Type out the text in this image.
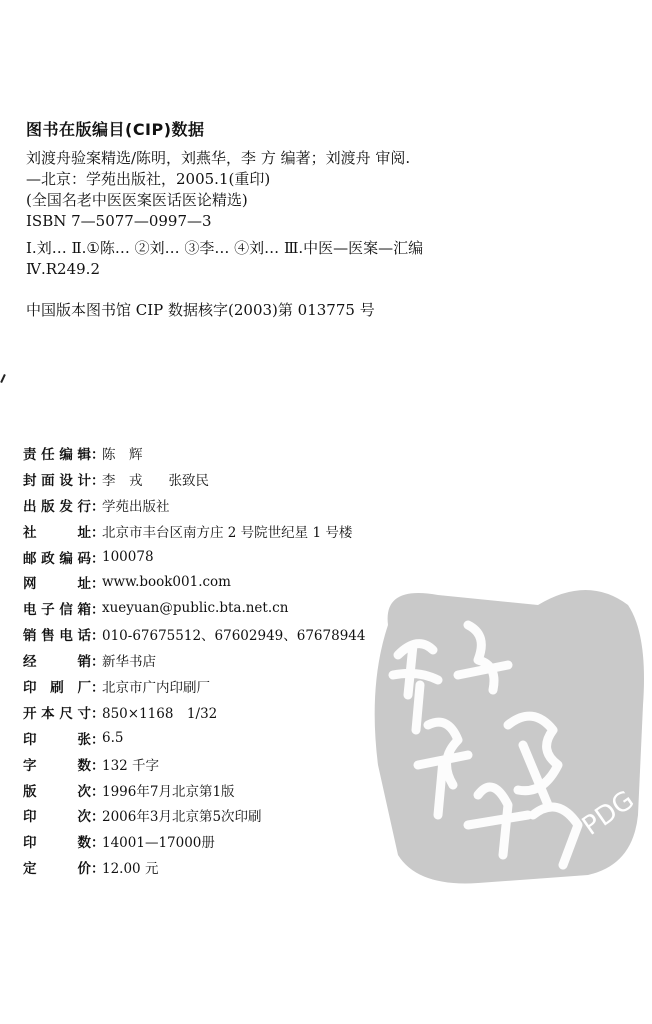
图书在版编目(CIP)数据
刘渡舟验案精选/陈明，刘燕华，李 方 编著；刘渡舟 审阅.
—北京：学苑出版社，2005.1(重印)
(全国名老中医医案医话医论精选)
ISBN 7—5077—0997—3
Ⅰ.刘… Ⅱ.①陈… ②刘… ③李… ④刘… Ⅲ.中医—医案—汇编
Ⅳ.R249.2
中国版本图书馆 CIP 数据核字(2003)第 013775 号
责 任 编 辑 ：
陈　辉
封 面 设 计 ：
李　戎 张致民
出 版 发 行 ：
学苑出版社
社	址 ：
北京市丰台区南方庄 2 号院世纪星 1 号楼
邮 政 编 码 ：
100078
网	址 ：
www.book001.com
电 子 信 箱 ：
xueyuan@public.bta.net.cn
销 售 电 话 ：
010-67675512、67602949、67678944
经	销 ：
新华书店
印 刷 厂 ：
北京市广内印刷厂
开 本 尺 寸 ：
850×1168　1/32
印	张 ：
6.5
字	数 ：
132 千字
版	次 ：
1996年7月北京第1版
印	次 ：
2006年3月北京第5次印刷
印	数 ：
14001—17000册
定	价 ：
12.00 元
PDG
